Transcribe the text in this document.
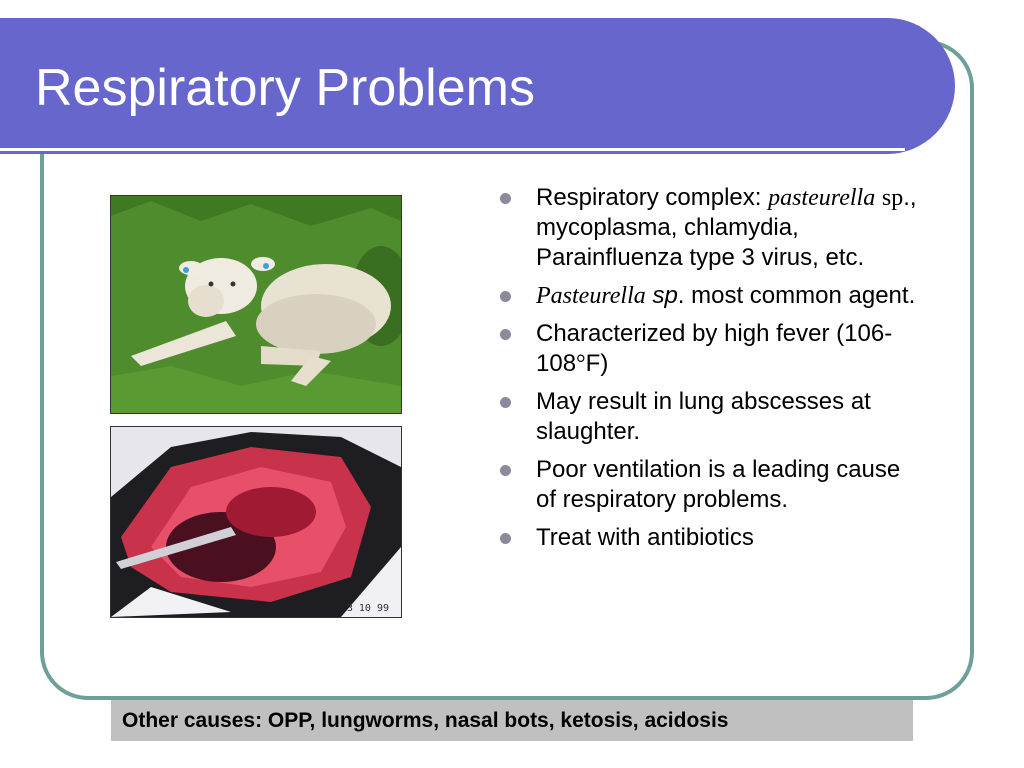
Respiratory Problems
3 10 99
Respiratory complex: pasteurella sp., mycoplasma, chlamydia, Parainfluenza type 3 virus, etc.
Pasteurella sp. most common agent.
Characterized by high fever (106-108°F)
May result in lung abscesses at slaughter.
Poor ventilation is a leading cause of respiratory problems.
Treat with antibiotics
Other causes: OPP, lungworms, nasal bots, ketosis, acidosis
